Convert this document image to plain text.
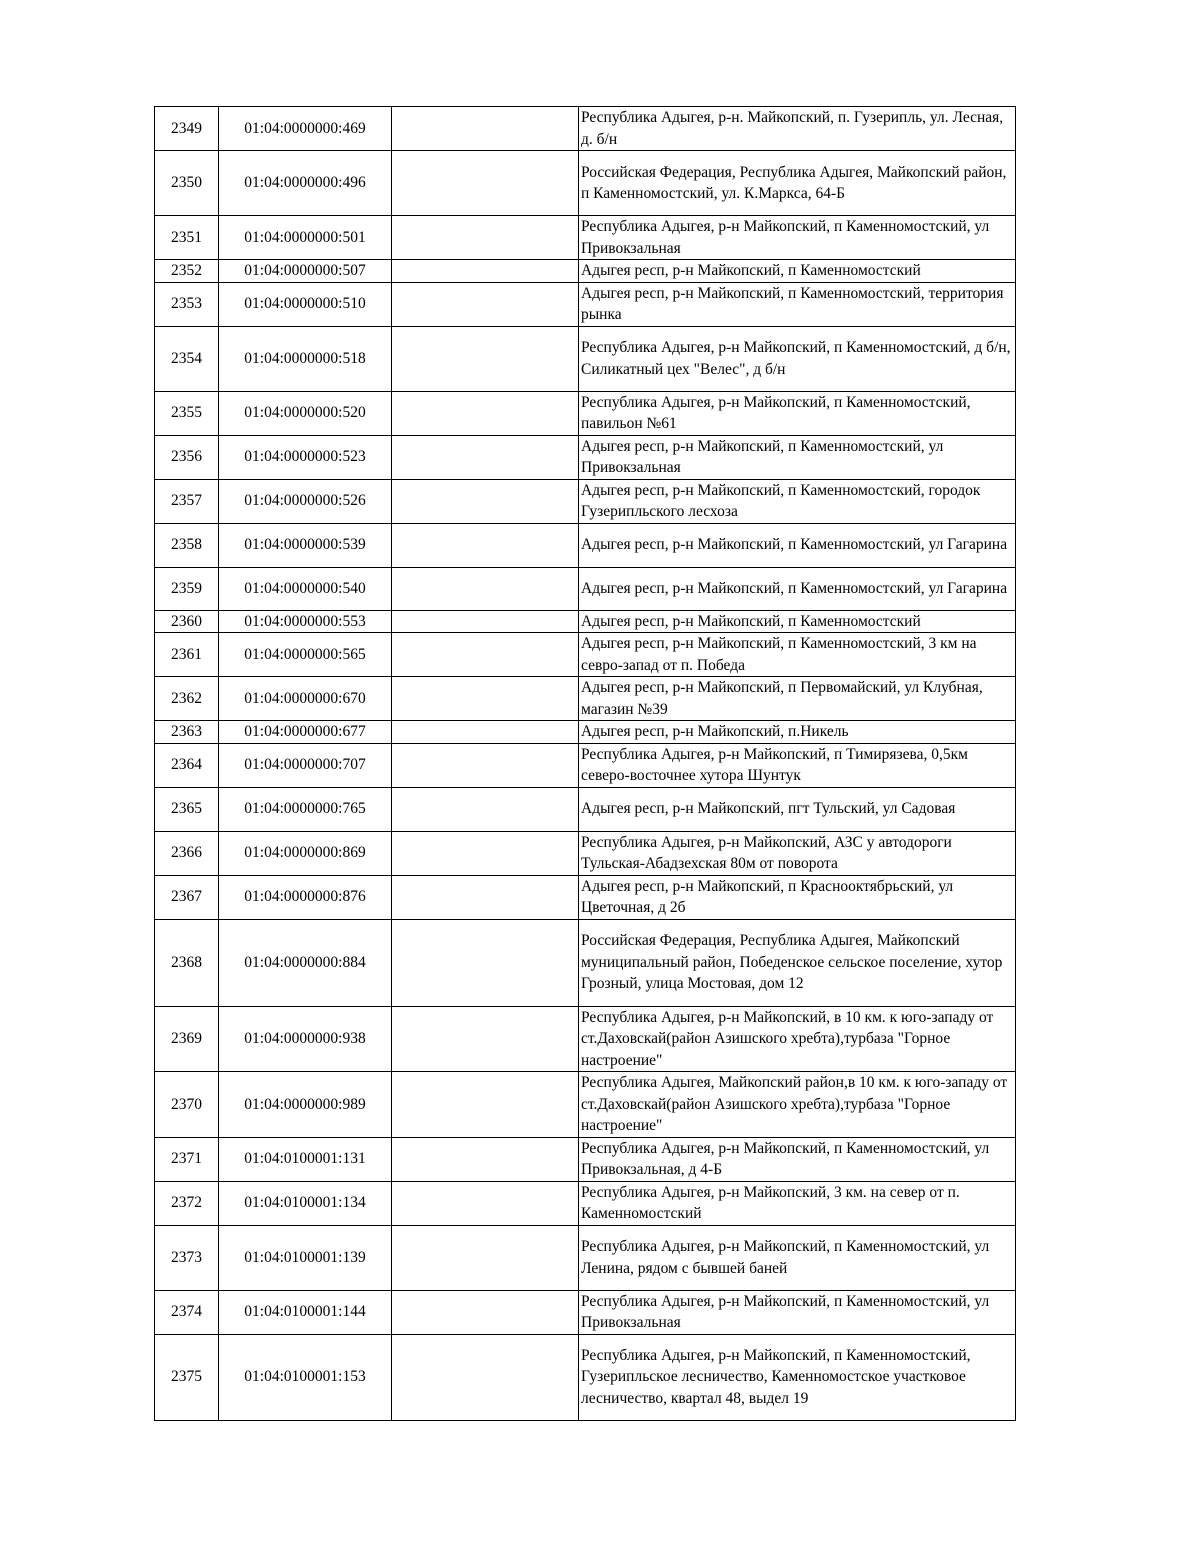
2349	01:04:0000000:469		Республика Адыгея, р-н. Майкопский, п. Гузерипль, ул. Лесная, д. б/н
2350	01:04:0000000:496		Российская Федерация, Республика Адыгея, Майкопский район, п Каменномостский, ул. К.Маркса, 64-Б
2351	01:04:0000000:501		Республика Адыгея, р-н Майкопский, п Каменномостский, ул Привокзальная
2352	01:04:0000000:507		Адыгея респ, р-н Майкопский, п Каменномостский
2353	01:04:0000000:510		Адыгея респ, р-н Майкопский, п Каменномостский, территория рынка
2354	01:04:0000000:518		Республика Адыгея, р-н Майкопский, п Каменномостский, д б/н, Силикатный цех "Велес", д б/н
2355	01:04:0000000:520		Республика Адыгея, р-н Майкопский, п Каменномостский, павильон №61
2356	01:04:0000000:523		Адыгея респ, р-н Майкопский, п Каменномостский, ул Привокзальная
2357	01:04:0000000:526		Адыгея респ, р-н Майкопский, п Каменномостский, городок Гузерипльского лесхоза
2358	01:04:0000000:539		Адыгея респ, р-н Майкопский, п Каменномостский, ул Гагарина
2359	01:04:0000000:540		Адыгея респ, р-н Майкопский, п Каменномостский, ул Гагарина
2360	01:04:0000000:553		Адыгея респ, р-н Майкопский, п Каменномостский
2361	01:04:0000000:565		Адыгея респ, р-н Майкопский, п Каменномостский, 3 км на севро-запад от п. Победа
2362	01:04:0000000:670		Адыгея респ, р-н Майкопский, п Первомайский, ул Клубная, магазин №39
2363	01:04:0000000:677		Адыгея респ, р-н Майкопский, п.Никель
2364	01:04:0000000:707		Республика Адыгея, р-н Майкопский, п Тимирязева, 0,5км северо-восточнее хутора Шунтук
2365	01:04:0000000:765		Адыгея респ, р-н Майкопский, пгт Тульский, ул Садовая
2366	01:04:0000000:869		Республика Адыгея, р-н Майкопский, АЗС у автодороги Тульская-Абадзехская 80м от поворота
2367	01:04:0000000:876		Адыгея респ, р-н Майкопский, п Краснооктябрьский, ул Цветочная, д 2б
2368	01:04:0000000:884		Российская Федерация, Республика Адыгея, Майкопский муниципальный район, Победенское сельское поселение, хутор Грозный, улица Мостовая, дом 12
2369	01:04:0000000:938		Республика Адыгея, р-н Майкопский, в 10 км. к юго-западу от ст.Даховскай(район Азишского хребта),турбаза "Горное настроение"
2370	01:04:0000000:989		Республика Адыгея, Майкопский район,в 10 км. к юго-западу от ст.Даховскай(район Азишского хребта),турбаза "Горное настроение"
2371	01:04:0100001:131		Республика Адыгея, р-н Майкопский, п Каменномостский, ул Привокзальная, д 4-Б
2372	01:04:0100001:134		Республика Адыгея, р-н Майкопский, 3 км. на север от п. Каменномостский
2373	01:04:0100001:139		Республика Адыгея, р-н Майкопский, п Каменномостский, ул Ленина, рядом с бывшей баней
2374	01:04:0100001:144		Республика Адыгея, р-н Майкопский, п Каменномостский, ул Привокзальная
2375	01:04:0100001:153		Республика Адыгея, р-н Майкопский, п Каменномостский, Гузерипльское лесничество, Каменномостское участковое лесничество, квартал 48, выдел 19
